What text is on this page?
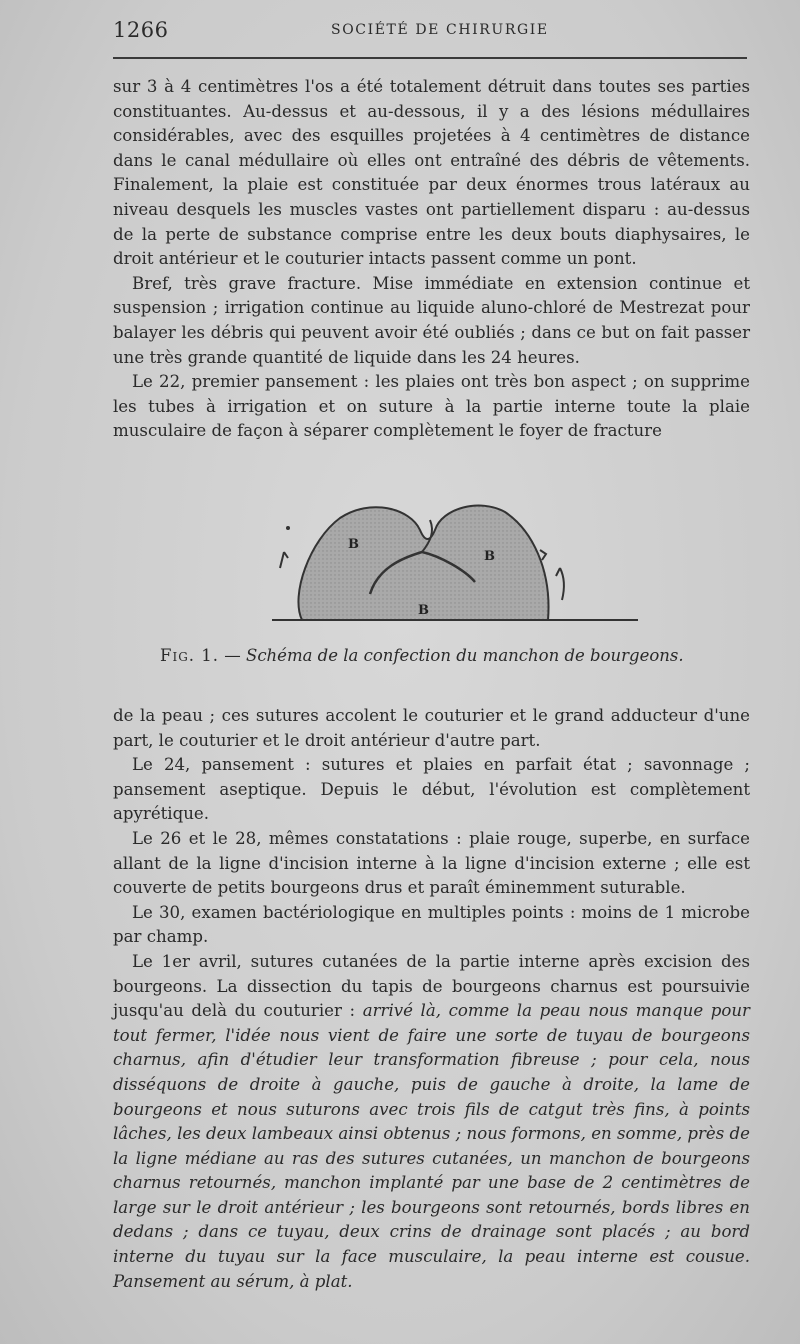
1266	SOCIÉTÉ DE CHIRURGIE

sur 3 à 4 centimètres l'os a été totalement détruit dans toutes ses parties constituantes. Au-dessus et au-dessous, il y a des lésions médullaires considérables, avec des esquilles projetées à 4 centimètres de distance dans le canal médullaire où elles ont entraîné des débris de vêtements. Finalement, la plaie est constituée par deux énormes trous latéraux au niveau desquels les muscles vastes ont partiellement disparu : au-dessus de la perte de substance comprise entre les deux bouts diaphysaires, le droit antérieur et le couturier intacts passent comme un pont.

Bref, très grave fracture. Mise immédiate en extension continue et suspension ; irrigation continue au liquide aluno-chloré de Mestrezat pour balayer les débris qui peuvent avoir été oubliés ; dans ce but on fait passer une très grande quantité de liquide dans les 24 heures.

Le 22, premier pansement : les plaies ont très bon aspect ; on supprime les tubes à irrigation et on suture à la partie interne toute la plaie musculaire de façon à séparer complètement le foyer de fracture

B
B
B
Fig. 1. — Schéma de la confection du manchon de bourgeons.

de la peau ; ces sutures accolent le couturier et le grand adducteur d'une part, le couturier et le droit antérieur d'autre part.

Le 24, pansement : sutures et plaies en parfait état ; savonnage ; pansement aseptique. Depuis le début, l'évolution est complètement apyrétique.

Le 26 et le 28, mêmes constatations : plaie rouge, superbe, en surface allant de la ligne d'incision interne à la ligne d'incision externe ; elle est couverte de petits bourgeons drus et paraît éminemment suturable.

Le 30, examen bactériologique en multiples points : moins de 1 microbe par champ.

Le 1er avril, sutures cutanées de la partie interne après excision des bourgeons. La dissection du tapis de bourgeons charnus est poursuivie jusqu'au delà du couturier : arrivé là, comme la peau nous manque pour tout fermer, l'idée nous vient de faire une sorte de tuyau de bourgeons charnus, afin d'étudier leur transformation fibreuse ; pour cela, nous disséquons de droite à gauche, puis de gauche à droite, la lame de bourgeons et nous suturons avec trois fils de catgut très fins, à points lâches, les deux lambeaux ainsi obtenus ; nous formons, en somme, près de la ligne médiane au ras des sutures cutanées, un manchon de bourgeons charnus retournés, manchon implanté par une base de 2 centimètres de large sur le droit antérieur ; les bourgeons sont retournés, bords libres en dedans ; dans ce tuyau, deux crins de drainage sont placés ; au bord interne du tuyau sur la face musculaire, la peau interne est cousue. Pansement au sérum, à plat.
